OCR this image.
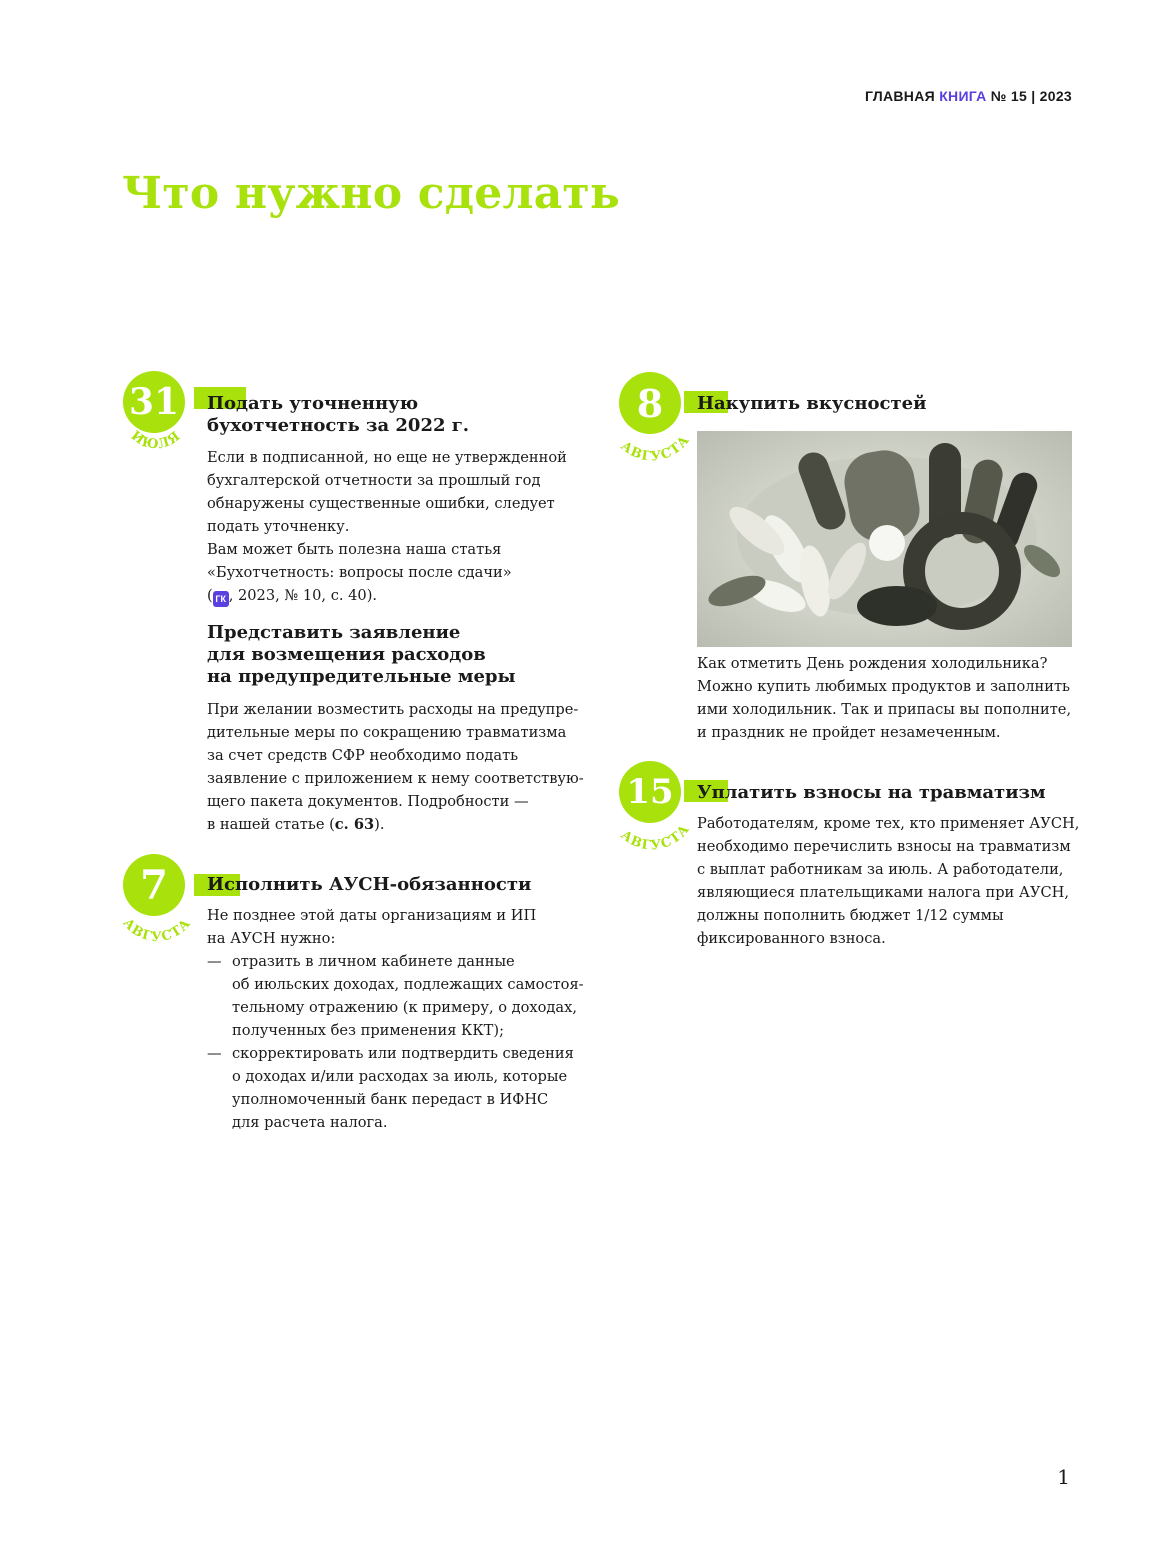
ГЛАВНАЯ КНИГА № 15 | 2023
Что нужно сделать
31
ИЮЛЯ
Подать уточненную
бухотчетность за 2022 г.

Если в подписанной, но еще не утвержденной
бухгалтерской отчетности за прошлый год
обнаружены существенные ошибки, следует
подать уточненку.
Вам может быть полезна наша статья
«Бухотчетность: вопросы после сдачи»
( ГК , 2023, № 10, с. 40).

Представить заявление
для возмещения расходов
на предупредительные меры

При желании возместить расходы на предупре-
дительные меры по сокращению травматизма
за счет средств СФР необходимо подать
заявление с приложением к нему соответствую-
щего пакета документов. Подробности —
в нашей статье (с. 63).

7
АВГУСТА
Исполнить АУСН-обязанности

Не позднее этой даты организациям и ИП
на АУСН нужно:

— отразить в личном кабинете данные
об июльских доходах, подлежащих самостоя-
тельному отражению (к примеру, о доходах,
полученных без применения ККТ);
— скорректировать или подтвердить сведения
о доходах и/или расходах за июль, которые
уполномоченный банк передаст в ИФНС
для расчета налога.
8
АВГУСТА
Накупить вкусностей

Как отметить День рождения холодильника?
Можно купить любимых продуктов и заполнить
ими холодильник. Так и припасы вы пополните,
и праздник не пройдет незамеченным.

15
АВГУСТА
Уплатить взносы на травматизм

Работодателям, кроме тех, кто применяет АУСН,
необходимо перечислить взносы на травматизм
с выплат работникам за июль. А работодатели,
являющиеся плательщиками налога при АУСН,
должны пополнить бюджет 1/12 суммы
фиксированного взноса.

1
